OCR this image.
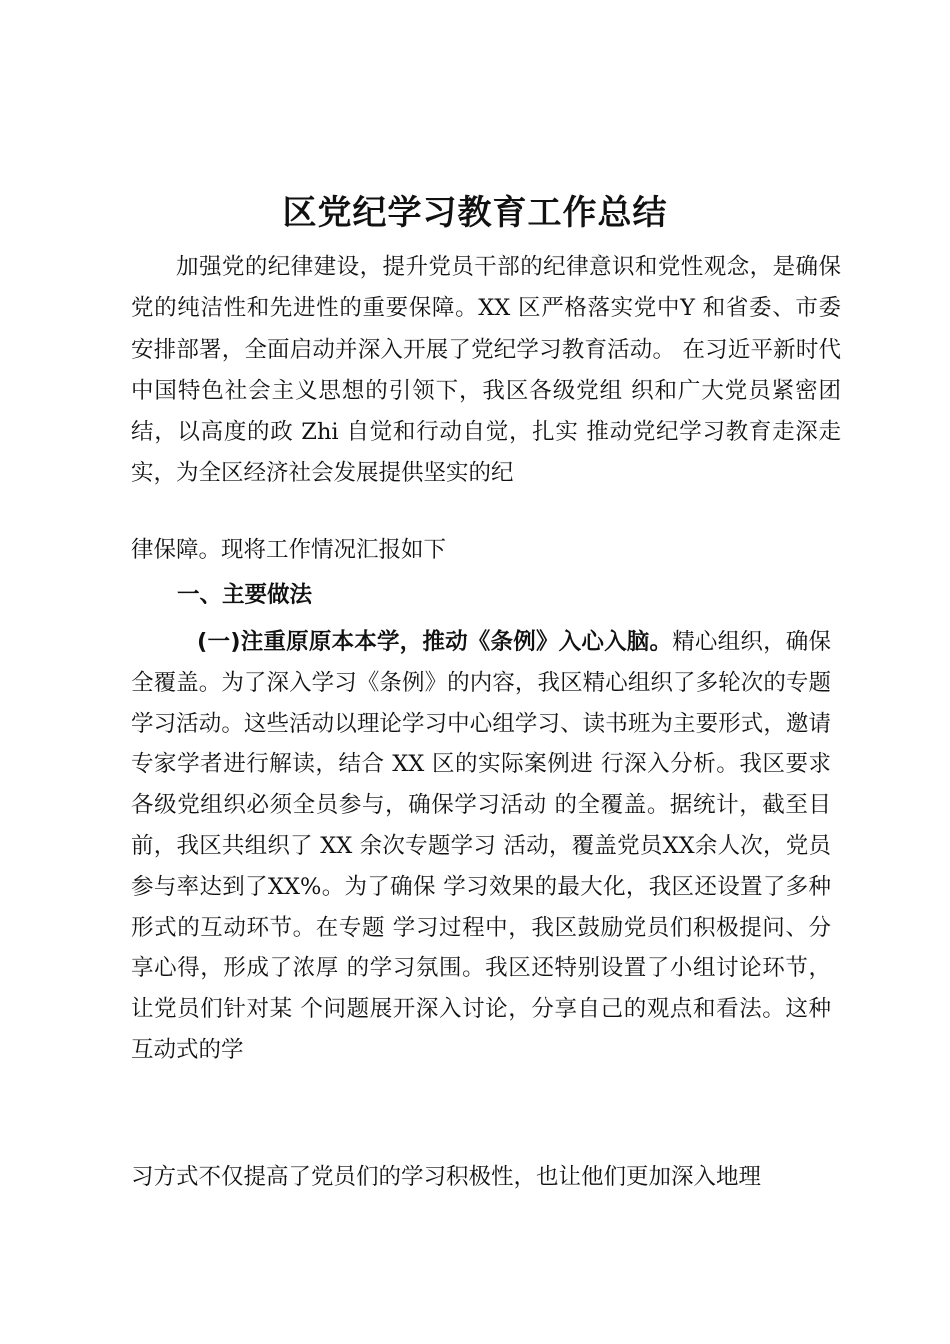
区党纪学习教育工作总结

加强党的纪律建设，提升党员干部的纪律意识和党性观念，是确保党的纯洁性和先进性的重要保障。XX 区严格落实党中Y 和省委、市委安排部署，全面启动并深入开展了党纪学习教育活动。 在习近平新时代中国特色社会主义思想的引领下，我区各级党组 织和广大党员紧密团结，以高度的政 Zhi 自觉和行动自觉，扎实 推动党纪学习教育走深走实，为全区经济社会发展提供坚实的纪

律保障。现将工作情况汇报如下

一、主要做法

(一)注重原原本本学，推动《条例》入心入脑。精心组织，确保全覆盖。为了深入学习《条例》的内容，我区精心组织了多轮次的专题学习活动。这些活动以理论学习中心组学习、读书班为主要形式，邀请专家学者进行解读，结合 XX 区的实际案例进 行深入分析。我区要求各级党组织必须全员参与，确保学习活动 的全覆盖。据统计，截至目前，我区共组织了 XX 余次专题学习 活动，覆盖党员XX余人次，党员参与率达到了XX%。为了确保 学习效果的最大化，我区还设置了多种形式的互动环节。在专题 学习过程中，我区鼓励党员们积极提问、分享心得，形成了浓厚 的学习氛围。我区还特别设置了小组讨论环节，让党员们针对某 个问题展开深入讨论，分享自己的观点和看法。这种互动式的学

习方式不仅提高了党员们的学习积极性，也让他们更加深入地理
